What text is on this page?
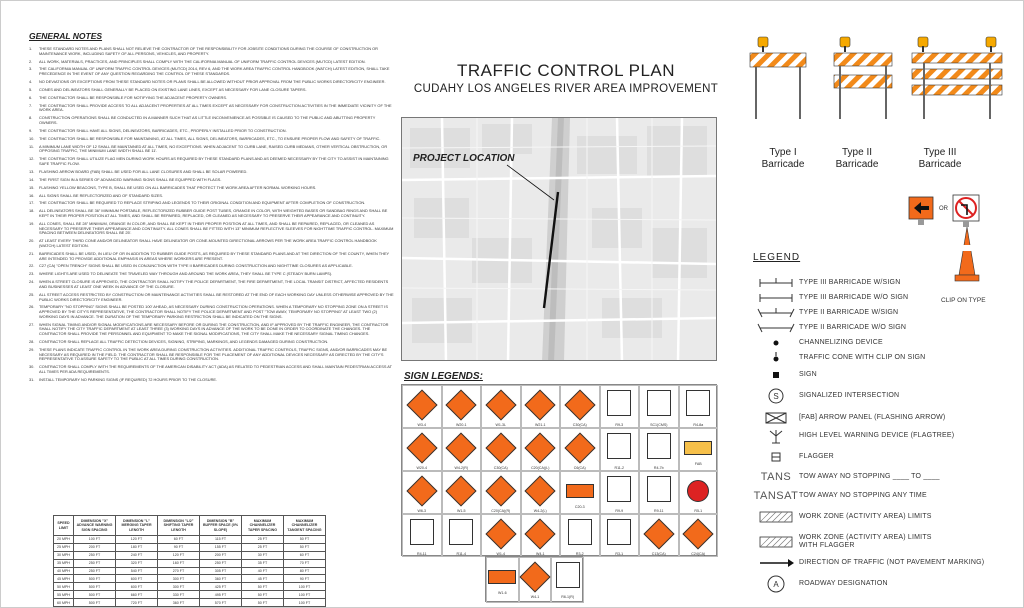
GENERAL NOTES
1.	THESE STANDARD NOTES AND PLANS SHALL NOT RELIEVE THE CONTRACTOR OF THE RESPONSIBILITY FOR JOBSITE CONDITIONS DURING THE COURSE OF CONSTRUCTION OR MAINTENANCE WORK, INCLUDING SAFETY OF ALL PERSONS, VEHICLES, AND PROPERTY.
2.	ALL WORK, MATERIALS, PRACTICES, AND PRINCIPLES SHALL COMPLY WITH THE CALIFORNIA MANUAL OF UNIFORM TRAFFIC CONTROL DEVICES (MUTCD) LATEST EDITION.
3.	THE CALIFORNIA MANUAL OF UNIFORM TRAFFIC CONTROL DEVICES (MUTCD) 2014, REV 6, AND THE WORK AREA TRAFFIC CONTROL HANDBOOK (WATCH) LATEST EDITION, SHALL TAKE PRECEDENCE IN THE EVENT OF ANY QUESTION REGARDING THE CONTROL OF THESE STANDARDS.
4.	NO DEVIATIONS OR EXCEPTIONS FROM THESE STANDARD NOTES OR PLANS SHALL BE ALLOWED WITHOUT PRIOR APPROVAL FROM THE PUBLIC WORKS DIRECTOR/CITY ENGINEER.
5.	CONES AND DELINEATORS SHALL GENERALLY BE PLACED ON EXISTING LANE LINES, EXCEPT AS NECESSARY FOR LANE CLOSURE TAPERS.
6.	THE CONTRACTOR SHALL BE RESPONSIBLE FOR NOTIFYING THE ADJACENT PROPERTY OWNERS.
7.	THE CONTRACTOR SHALL PROVIDE ACCESS TO ALL ADJACENT PROPERTIES AT ALL TIMES EXCEPT AS NECESSARY FOR CONSTRUCTION ACTIVITIES IN THE IMMEDIATE VICINITY OF THE WORK AREA.
8.	CONSTRUCTION OPERATIONS SHALL BE CONDUCTED IN A MANNER SUCH THAT AS LITTLE INCONVENIENCE AS POSSIBLE IS CAUSED TO THE PUBLIC AND ABUTTING PROPERTY OWNERS.
9.	THE CONTRACTOR SHALL HAVE ALL SIGNS, DELINEATORS, BARRICADES, ETC., PROPERLY INSTALLED PRIOR TO CONSTRUCTION.
10.	THE CONTRACTOR SHALL BE RESPONSIBLE FOR MAINTAINING, AT ALL TIMES, ALL SIGNS, DELINEATORS, BARRICADES, ETC., TO ENSURE PROPER FLOW AND SAFETY OF TRAFFIC.
11.	A MINIMUM LANE WIDTH OF 12 SHALL BE MAINTAINED AT ALL TIMES, NO EXCEPTIONS. WHEN ADJACENT TO CURB LANE, RAISED CURB MEDIANS, OTHER VERTICAL OBSTRUCTION, OR OPPOSING TRAFFIC, THE MINIMUM LANE WIDTH SHALL BE 11'.
12.	THE CONTRACTOR SHALL UTILIZE FLAG MEN DURING WORK HOURS AS REQUIRED BY THESE STANDARD PLANS AND AS DEEMED NECESSARY BY THE CITY TO ASSIST IN MAINTAINING SAFE TRAFFIC FLOW.
13.	FLASHING ARROW BOARD (FAB) SHALL BE USED FOR ALL LANE CLOSURES AND SHALL BE SOLAR POWERED.
14.	THE FIRST SIGN IN A SERIES OF ADVANCED WARNING SIGNS SHALL BE EQUIPPED WITH FLAGS.
15.	FLASHING YELLOW BEACONS, TYPE B, SHALL BE USED ON ALL BARRICADES THAT PROTECT THE WORK AREA AFTER NORMAL WORKING HOURS.
16.	ALL SIGNS SHALL BE REFLECTORIZED AND OF STANDARD SIZES.
17.	THE CONTRACTOR SHALL BE REQUIRED TO REPLACE STRIPING AND LEGENDS TO THEIR ORIGINAL CONDITION AND EQUIPMENT AFTER COMPLETION OF CONSTRUCTION.
18.	ALL DELINEATORS SHALL BE 36" MINIMUM PORTABLE, REFLECTORIZED RUBBER GUIDE POST TUBES, ORANGE IN COLOR, WITH WEIGHTED BASES OR SANDBAG RINGS AND SHALL BE KEPT IN THEIR PROPER POSITION AT ALL TIMES, AND SHALL BE REPAIRED, REPLACED, OR CLEANED AS NECESSARY TO PRESERVE THEIR APPEARANCE AND CONTINUITY.
19.	ALL CONES, SHALL BE 28" MINIMUM, ORANGE IN COLOR, AND SHALL BE KEPT IN THEIR PROPER POSITION AT ALL TIMES, AND SHALL BE REPAIRED, REPLACED, OR CLEANED AS NECESSARY TO PRESERVE THEIR APPEARANCE AND CONTINUITY. ALL CONES SHALL BE FITTED WITH 13" MINIMUM REFLECTIVE SLEEVES FOR NIGHTTIME TRAFFIC CONTROL. MAXIMUM SPACING BETWEEN DELINEATORS SHALL BE 25'.
20.	AT LEAST EVERY THIRD CONE AND/OR DELINEATOR SHALL HAVE DELINEATOR OR CONE-MOUNTED DIRECTIONAL ARROWS PER THE WORK AREA TRAFFIC CONTROL HANDBOOK (WATCH) LATEST EDITION.
21.	BARRICADES SHALL BE USED, IN LIEU OF OR IN ADDITION TO RUBBER GUIDE POSTS, AS REQUIRED BY THESE STANDARD PLANS AND AT THE DIRECTION OF THE COUNTY, WHEN THEY ARE INTENDED TO PROVIDE ADDITIONAL EMPHASIS IN AREAS WHERE WORKERS ARE PRESENT.
22.	C27 (CA) "OPEN TRENCH" SIGNS SHALL BE USED IN CONJUNCTION WITH TYPE II BARRICADES DURING CONSTRUCTION AND NIGHTTIME CLOSURES AS APPLICABLE.
23.	WHERE LIGHTS ARE USED TO DELINEATE THE TRAVELED WAY THROUGH AND AROUND THE WORK AREA, THEY SHALL BE TYPE C (STEADY BURN LAMPS).
24.	WHEN A STREET CLOSURE IS APPROVED, THE CONTRACTOR SHALL NOTIFY THE POLICE DEPARTMENT, THE FIRE DEPARTMENT, THE LOCAL TRANSIT DISTRICT, AFFECTED RESIDENTS AND BUSINESSES AT LEAST ONE WEEK IN ADVANCE OF THE CLOSURE.
25.	ALL STREET ACCESS RESTRICTED BY CONSTRUCTION OR MAINTENANCE ACTIVITIES SHALL BE RESTORED AT THE END OF EACH WORKING DAY UNLESS OTHERWISE APPROVED BY THE PUBLIC WORKS DIRECTOR/CITY ENGINEER.
26.	TEMPORARY "NO STOPPING" SIGNS SHALL BE POSTED 100' AHEAD, AS NECESSARY DURING CONSTRUCTION OPERATIONS. WHEN A TEMPORARY NO STOPPING ZONE ON A STREET IS APPROVED BY THE CITY'S REPRESENTATIVE, THE CONTRACTOR SHALL NOTIFY THE POLICE DEPARTMENT AND POST "TOW AWAY, TEMPORARY NO STOPPING" AT LEAST TWO (2) WORKING DAYS IN ADVANCE. THE DURATION OF THE TEMPORARY PARKING RESTRICTION SHALL BE INDICATED ON THE SIGNS.
27.	WHEN SIGNAL TIMING AND/OR SIGNAL MODIFICATIONS ARE NECESSARY BEFORE OR DURING THE CONSTRUCTION, AND IF APPROVED BY THE TRAFFIC ENGINEER, THE CONTRACTOR SHALL NOTIFY THE CITY TRAFFIC DEPARTMENT AT LEAST THREE (3) WORKING DAYS IN ADVANCE OF THE WORK TO BE DONE IN ORDER TO COORDINATE THE CHANGES. THE CONTRACTOR SHALL PROVIDE THE PERSONNEL AND EQUIPMENT TO MAKE THE SIGNAL MODIFICATIONS, THE CITY SHALL MAKE THE NECESSARY SIGNAL TIMING CHANGES.
28.	CONTRACTOR SHALL REPLACE ALL TRAFFIC DETECTION DEVICES, SIGNING, STRIPING, MARKINGS, AND LEGENDS DAMAGED DURING CONSTRUCTION.
29.	THESE PLANS INDICATE TRAFFIC CONTROL IN THE WORK AREA DURING CONSTRUCTION ACTIVITIES. ADDITIONAL TRAFFIC CONTROLS, TRAFFIC SIGNS, AND/OR BARRICADES MAY BE NECESSARY AS REQUIRED IN THE FIELD. THE CONTRACTOR SHALL BE RESPONSIBLE FOR THE PLACEMENT OF ANY ADDITIONAL DEVICES NECESSARY AS DIRECTED BY THE CITY'S REPRESENTATIVE TO ASSURE SAFETY TO THE PUBLIC AT ALL TIMES DURING CONSTRUCTION.
30.	CONTRACTOR SHALL COMPLY WITH THE REQUIREMENTS OF THE AMERICAN DISABILITY ACT (ADA) AS RELATED TO PEDESTRIAN ACCESS AND SHALL MAINTAIN PEDESTRIAN ACCESS AT ALL TIMES PER ADA REQUIREMENTS.
31.	INSTALL TEMPORARY NO PARKING SIGNS (IF REQUIRED) 72 HOURS PRIOR TO THE CLOSURE.
SPEED LIMIT	DIMENSION "X" ADVANCE WARNING SIGN SPACING	DIMENSION "L" MERGING TAPER LENGTH	DIMENSION "L/2" SHIFTING TAPER LENGTH	DIMENSION "B" BUFFER SPACE (0% SLOPE)	MAXIMUM CHANNELIZER TAPER SPACING	MAXIMUM CHANNELIZER TANGENT SPACING
20 MPH	100 FT	120 FT	60 FT	115 FT	25 FT	50 FT
25 MPH	200 FT	180 FT	90 FT	155 FT	25 FT	50 FT
30 MPH	250 FT	240 FT	120 FT	200 FT	30 FT	60 FT
35 MPH	250 FT	320 FT	160 FT	250 FT	35 FT	70 FT
40 MPH	250 FT	540 FT	270 FT	305 FT	40 FT	80 FT
45 MPH	500 FT	600 FT	300 FT	360 FT	45 FT	90 FT
50 MPH	500 FT	600 FT	300 FT	425 FT	50 FT	100 FT
55 MPH	500 FT	660 FT	330 FT	495 FT	50 FT	100 FT
60 MPH	500 FT	720 FT	360 FT	570 FT	50 FT	100 FT
TRAFFIC CONTROL PLAN
CUDAHY LOS ANGELES RIVER AREA IMPROVEMENT
PROJECT LOCATION
SIGN LEGENDS:
W3-4	W20-1	W1-3L	W21-1	C30(CA)	R9-3	SC1(CMS)	R4-8a
W20-4	W4-2(R)	C30(CA)	C20(CA)(L)	C6(CA)	R11-2	R4-7b
FAB
W6-3	W1-5	C20(CA)(R)	W4-2(L)
C20-3
R9-9	R9-11	R5-1
R4-11	R11-4	W1-4	W4-1	R3-2	R3-1	C13(CA)	C24(CA)
W1-6
W4-1	R6-1(R)
Type I
Barricade
Type II
Barricade
Type III
Barricade
OR
CLIP ON TYPE
LEGEND
TYPE III BARRICADE W/SIGN
TYPE III BARRICADE W/O SIGN
TYPE II BARRICADE W/SIGN
TYPE II BARRICADE W/O SIGN
CHANNELIZING DEVICE
TRAFFIC CONE WITH CLIP ON SIGN
SIGN
S	SIGNALIZED INTERSECTION
[FAB] ARROW PANEL (FLASHING ARROW)
HIGH LEVEL WARNING DEVICE (FLAGTREE)
FLAGGER
TANS TOW AWAY NO STOPPING ____ TO ____
TANSAT TOW AWAY NO STOPPING ANY TIME
WORK ZONE (ACTIVITY AREA) LIMITS
WORK ZONE (ACTIVITY AREA) LIMITS
WITH FLAGGER
DIRECTION OF TRAFFIC (NOT PAVEMENT MARKING)
A	ROADWAY DESIGNATION
